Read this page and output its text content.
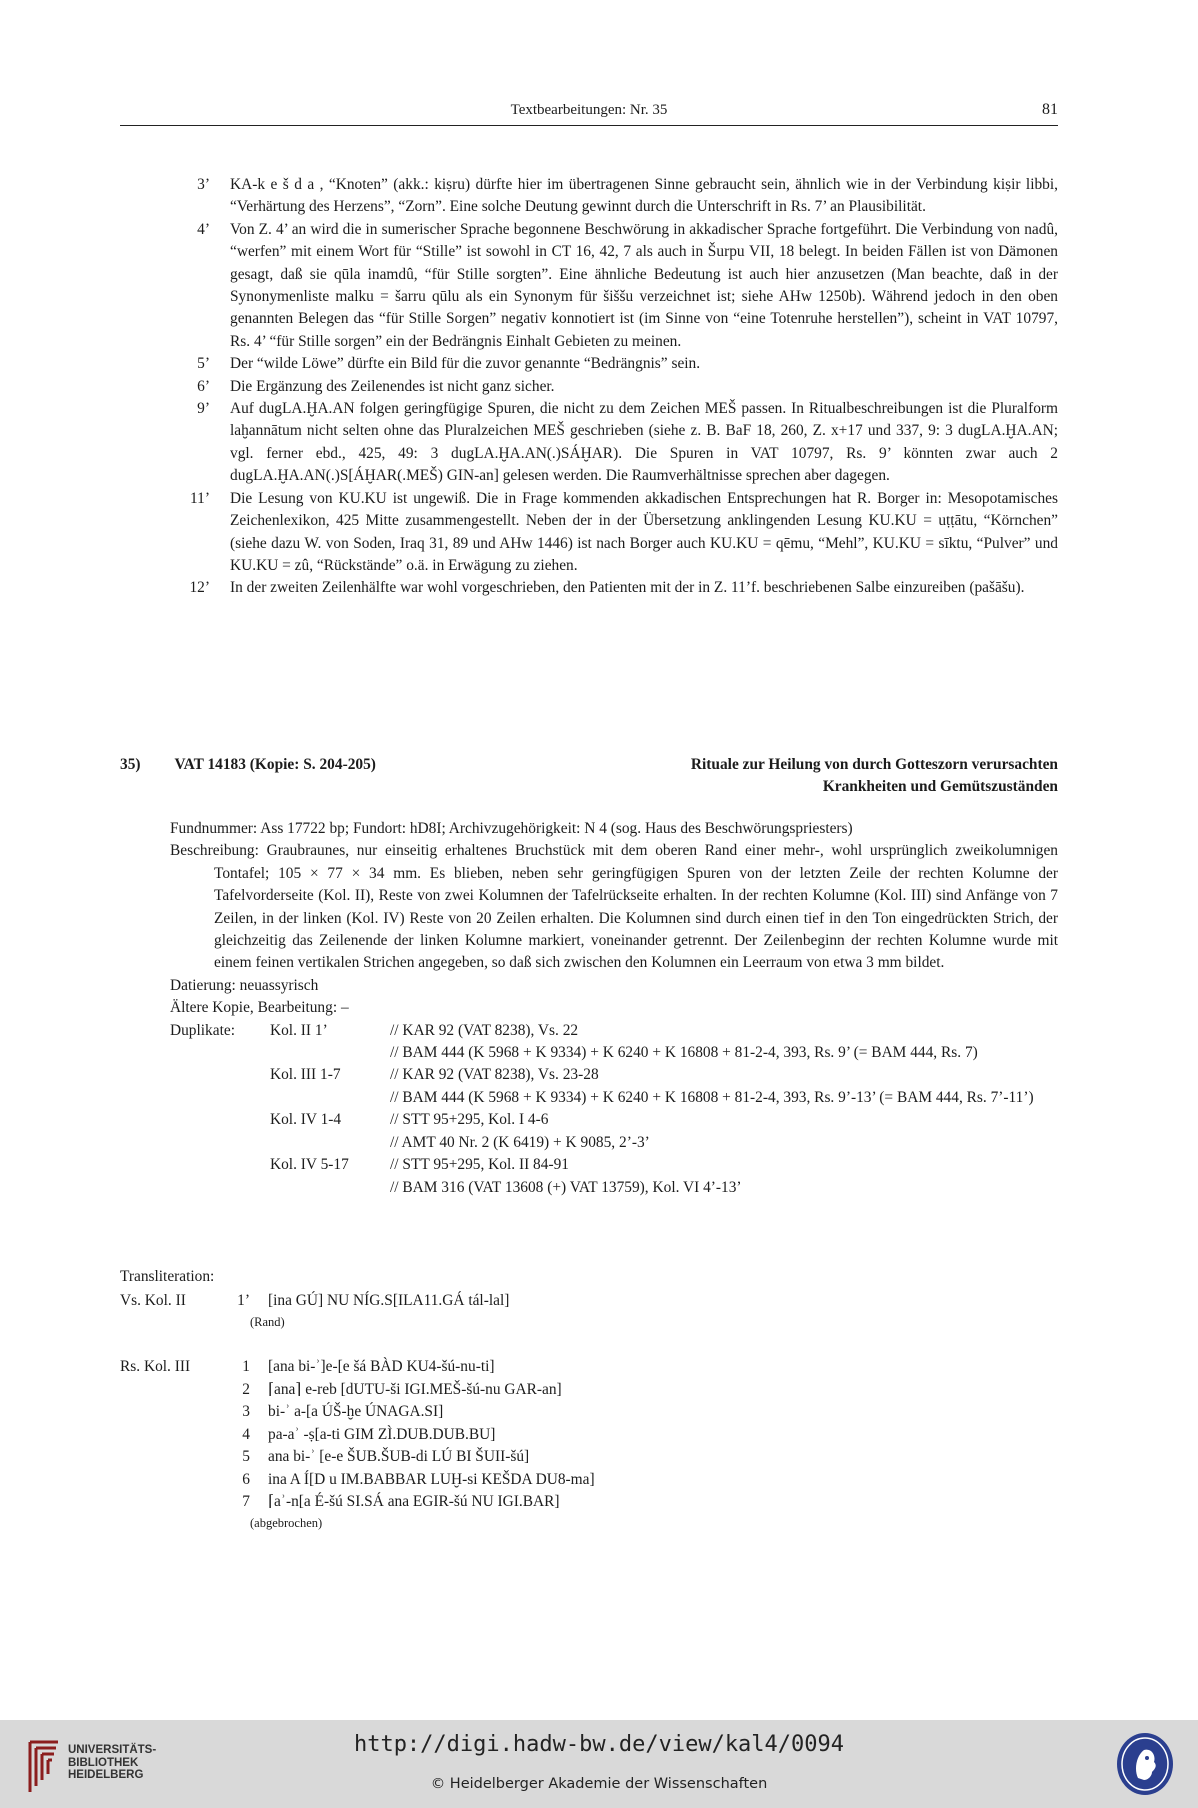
Textbearbeitungen: Nr. 35	81
3’	KA-k e š d a , “Knoten” (akk.: kiṣru) dürfte hier im übertragenen Sinne gebraucht sein, ähnlich wie in der Verbindung kiṣir libbi, “Verhärtung des Herzens”, “Zorn”. Eine solche Deutung gewinnt durch die Unterschrift in Rs. 7’ an Plausibilität.
4’	Von Z. 4’ an wird die in sumerischer Sprache begonnene Beschwörung in akkadischer Sprache fortgeführt. Die Verbindung von nadû, “werfen” mit einem Wort für “Stille” ist sowohl in CT 16, 42, 7 als auch in Šurpu VII, 18 belegt. In beiden Fällen ist von Dämonen gesagt, daß sie qūla inamdû, “für Stille sorgten”. Eine ähnliche Bedeutung ist auch hier anzusetzen (Man beachte, daß in der Synonymenliste malku = šarru qūlu als ein Synonym für šiššu verzeichnet ist; siehe AHw 1250b). Während jedoch in den oben genannten Belegen das “für Stille Sorgen” negativ konnotiert ist (im Sinne von “eine Totenruhe herstellen”), scheint in VAT 10797, Rs. 4’ “für Stille sorgen” ein der Bedrängnis Einhalt Gebieten zu meinen.
5’	Der “wilde Löwe” dürfte ein Bild für die zuvor genannte “Bedrängnis” sein.
6’	Die Ergänzung des Zeilenendes ist nicht ganz sicher.
9’	Auf dugLA.ḪA.AN folgen geringfügige Spuren, die nicht zu dem Zeichen MEŠ passen. In Ritualbeschreibungen ist die Pluralform laḫannātum nicht selten ohne das Pluralzeichen MEŠ geschrieben (siehe z. B. BaF 18, 260, Z. x+17 und 337, 9: 3 dugLA.ḪA.AN; vgl. ferner ebd., 425, 49: 3 dugLA.ḪA.AN(.)SÁḪAR). Die Spuren in VAT 10797, Rs. 9’ könnten zwar auch 2 dugLA.ḪA.AN(.)S[ÁḪAR(.MEŠ) GIN-an] gelesen werden. Die Raumverhältnisse sprechen aber dagegen.
11’	Die Lesung von KU.KU ist ungewiß. Die in Frage kommenden akkadischen Entsprechungen hat R. Borger in: Mesopotamisches Zeichenlexikon, 425 Mitte zusammengestellt. Neben der in der Übersetzung anklingenden Lesung KU.KU = uṭṭātu, “Körnchen” (siehe dazu W. von Soden, Iraq 31, 89 und AHw 1446) ist nach Borger auch KU.KU = qēmu, “Mehl”, KU.KU = sīktu, “Pulver” und KU.KU = zû, “Rückstände” o.ä. in Erwägung zu ziehen.
12’	In der zweiten Zeilenhälfte war wohl vorgeschrieben, den Patienten mit der in Z. 11’f. beschriebenen Salbe einzureiben (pašāšu).
35) VAT 14183 (Kopie: S. 204-205)	Rituale zur Heilung von durch Gotteszorn verursachten
Krankheiten und Gemütszuständen
Fundnummer: Ass 17722 bp; Fundort: hD8I; Archivzugehörigkeit: N 4 (sog. Haus des Beschwörungspriesters)
Beschreibung: Graubraunes, nur einseitig erhaltenes Bruchstück mit dem oberen Rand einer mehr-, wohl ursprünglich zweikolumnigen Tontafel; 105 × 77 × 34 mm. Es blieben, neben sehr geringfügigen Spuren von der letzten Zeile der rechten Kolumne der Tafelvorderseite (Kol. II), Reste von zwei Kolumnen der Tafelrückseite erhalten. In der rechten Kolumne (Kol. III) sind Anfänge von 7 Zeilen, in der linken (Kol. IV) Reste von 20 Zeilen erhalten. Die Kolumnen sind durch einen tief in den Ton eingedrückten Strich, der gleichzeitig das Zeilenende der linken Kolumne markiert, voneinander getrennt. Der Zeilenbeginn der rechten Kolumne wurde mit einem feinen vertikalen Strichen angegeben, so daß sich zwischen den Kolumnen ein Leerraum von etwa 3 mm bildet.
Datierung: neuassyrisch
Ältere Kopie, Bearbeitung: –
Duplikate:	Kol. II 1’	// KAR 92 (VAT 8238), Vs. 22
// BAM 444 (K 5968 + K 9334) + K 6240 + K 16808 + 81-2-4, 393, Rs. 9’ (= BAM 444, Rs. 7)
Kol. III 1-7	// KAR 92 (VAT 8238), Vs. 23-28
// BAM 444 (K 5968 + K 9334) + K 6240 + K 16808 + 81-2-4, 393, Rs. 9’-13’ (= BAM 444, Rs. 7’-11’)
Kol. IV 1-4	// STT 95+295, Kol. I 4-6
// AMT 40 Nr. 2 (K 6419) + K 9085, 2’-3’
Kol. IV 5-17	// STT 95+295, Kol. II 84-91
// BAM 316 (VAT 13608 (+) VAT 13759), Kol. VI 4’-13’
Transliteration:
Vs. Kol. II	1’	[ina GÚ] NU NÍG.S[ILA11.GÁ tál-lal]
(Rand)
Rs. Kol. III	1	[ana bi-ʾ]e-[e šá BÀD KU4-šú-nu-ti]
2	⌈ana⌉ e-reb [dUTU-ši IGI.MEŠ-šú-nu GAR-an]
3	bi-ʾ a-[a ÚŠ-ḫe ÚNAGA.SI]
4	pa-aʾ -ṣ[a-ti GIM ZÌ.DUB.DUB.BU]
5	ana bi-ʾ [e-e ŠUB.ŠUB-di LÚ BI ŠUII-šú]
6	ina A Í[D u IM.BABBAR LUḪ-si KEŠDA DU8-ma]
7	⌈aʾ-n[a É-šú SI.SÁ ana EGIR-šú NU IGI.BAR]
(abgebrochen)
UNIVERSITÄTS-
BIBLIOTHEK
HEIDELBERG
http://digi.hadw-bw.de/view/kal4/0094
© Heidelberger Akademie der Wissenschaften
